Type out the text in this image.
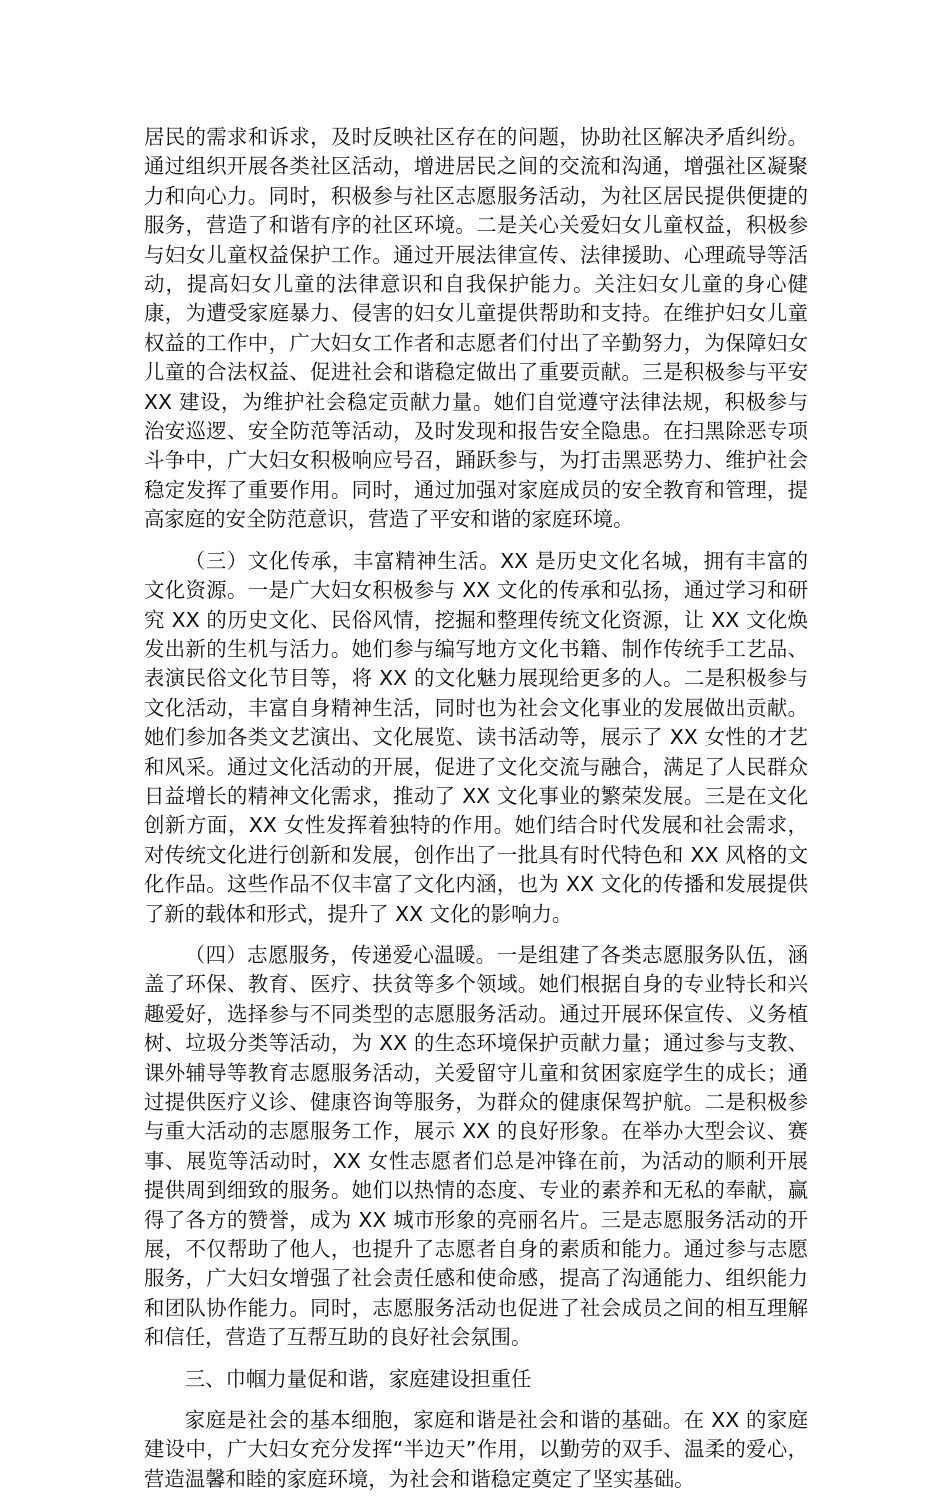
居民的需求和诉求，及时反映社区存在的问题，协助社区解决矛盾纠纷。通过组织开展各类社区活动，增进居民之间的交流和沟通，增强社区凝聚力和向心力。同时，积极参与社区志愿服务活动，为社区居民提供便捷的服务，营造了和谐有序的社区环境。二是关心关爱妇女儿童权益，积极参与妇女儿童权益保护工作。通过开展法律宣传、法律援助、心理疏导等活动，提高妇女儿童的法律意识和自我保护能力。关注妇女儿童的身心健康，为遭受家庭暴力、侵害的妇女儿童提供帮助和支持。在维护妇女儿童权益的工作中，广大妇女工作者和志愿者们付出了辛勤努力，为保障妇女儿童的合法权益、促进社会和谐稳定做出了重要贡献。三是积极参与平安 XX 建设，为维护社会稳定贡献力量。她们自觉遵守法律法规，积极参与治安巡逻、安全防范等活动，及时发现和报告安全隐患。在扫黑除恶专项斗争中，广大妇女积极响应号召，踊跃参与，为打击黑恶势力、维护社会稳定发挥了重要作用。同时，通过加强对家庭成员的安全教育和管理，提高家庭的安全防范意识，营造了平安和谐的家庭环境。

（三）文化传承，丰富精神生活。XX 是历史文化名城，拥有丰富的文化资源。一是广大妇女积极参与 XX 文化的传承和弘扬，通过学习和研究 XX 的历史文化、民俗风情，挖掘和整理传统文化资源，让 XX 文化焕发出新的生机与活力。她们参与编写地方文化书籍、制作传统手工艺品、表演民俗文化节目等，将 XX 的文化魅力展现给更多的人。二是积极参与文化活动，丰富自身精神生活，同时也为社会文化事业的发展做出贡献。她们参加各类文艺演出、文化展览、读书活动等，展示了 XX 女性的才艺和风采。通过文化活动的开展，促进了文化交流与融合，满足了人民群众日益增长的精神文化需求，推动了 XX 文化事业的繁荣发展。三是在文化创新方面，XX 女性发挥着独特的作用。她们结合时代发展和社会需求，对传统文化进行创新和发展，创作出了一批具有时代特色和 XX 风格的文化作品。这些作品不仅丰富了文化内涵，也为 XX 文化的传播和发展提供了新的载体和形式，提升了 XX 文化的影响力。

（四）志愿服务，传递爱心温暖。一是组建了各类志愿服务队伍，涵盖了环保、教育、医疗、扶贫等多个领域。她们根据自身的专业特长和兴趣爱好，选择参与不同类型的志愿服务活动。通过开展环保宣传、义务植树、垃圾分类等活动，为 XX 的生态环境保护贡献力量；通过参与支教、课外辅导等教育志愿服务活动，关爱留守儿童和贫困家庭学生的成长；通过提供医疗义诊、健康咨询等服务，为群众的健康保驾护航。二是积极参与重大活动的志愿服务工作，展示 XX 的良好形象。在举办大型会议、赛事、展览等活动时，XX 女性志愿者们总是冲锋在前，为活动的顺利开展提供周到细致的服务。她们以热情的态度、专业的素养和无私的奉献，赢得了各方的赞誉，成为 XX 城市形象的亮丽名片。三是志愿服务活动的开展，不仅帮助了他人，也提升了志愿者自身的素质和能力。通过参与志愿服务，广大妇女增强了社会责任感和使命感，提高了沟通能力、组织能力和团队协作能力。同时，志愿服务活动也促进了社会成员之间的相互理解和信任，营造了互帮互助的良好社会氛围。

三、巾帼力量促和谐，家庭建设担重任

家庭是社会的基本细胞，家庭和谐是社会和谐的基础。在 XX 的家庭建设中，广大妇女充分发挥“半边天”作用，以勤劳的双手、温柔的爱心，营造温馨和睦的家庭环境，为社会和谐稳定奠定了坚实基础。
